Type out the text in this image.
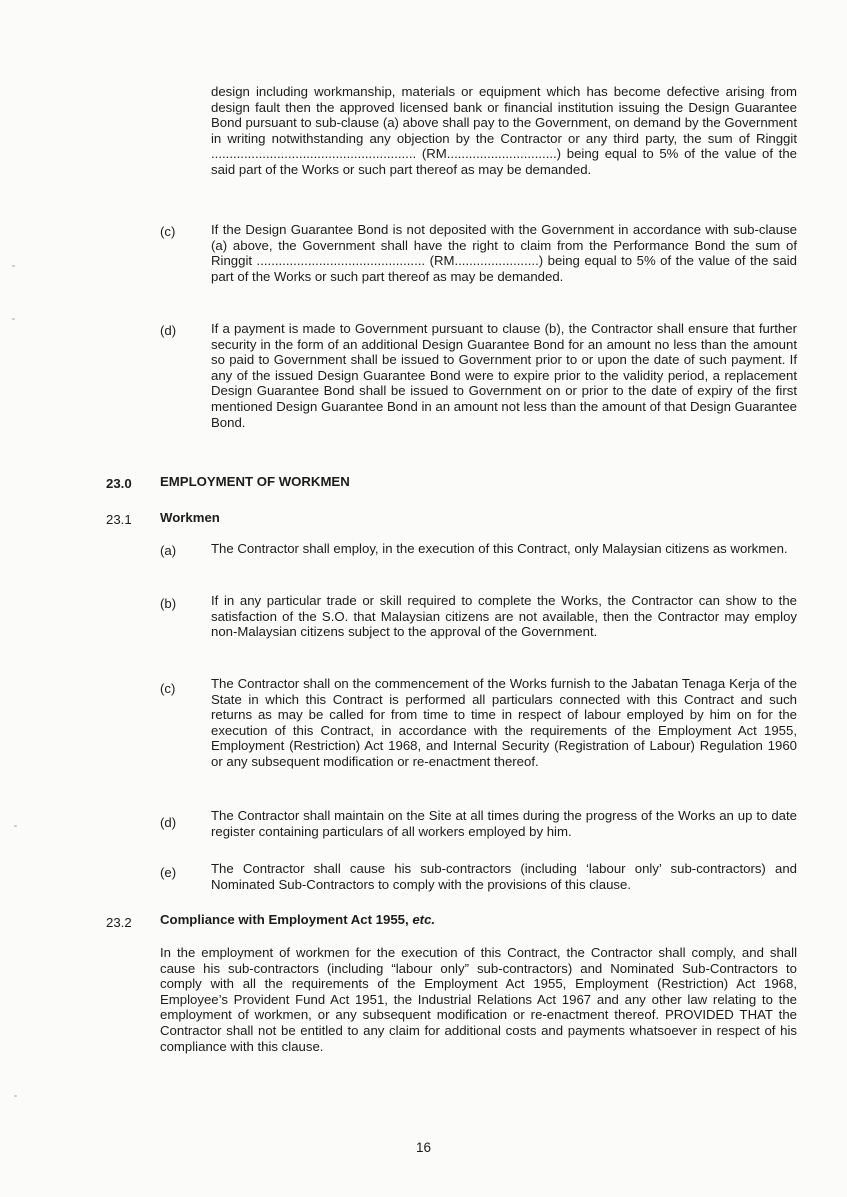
design including workmanship, materials or equipment which has become defective arising from design fault then the approved licensed bank or financial institution issuing the Design Guarantee Bond pursuant to sub-clause (a) above shall pay to the Government, on demand by the Government in writing notwithstanding any objection by the Contractor or any third party, the sum of Ringgit ........................................................ (RM..............................) being equal to 5% of the value of the said part of the Works or such part thereof as may be demanded.
(c)	If the Design Guarantee Bond is not deposited with the Government in accordance with sub-clause (a) above, the Government shall have the right to claim from the Performance Bond the sum of Ringgit .............................................. (RM.......................) being equal to 5% of the value of the said part of the Works or such part thereof as may be demanded.
(d)	If a payment is made to Government pursuant to clause (b), the Contractor shall ensure that further security in the form of an additional Design Guarantee Bond for an amount no less than the amount so paid to Government shall be issued to Government prior to or upon the date of such payment. If any of the issued Design Guarantee Bond were to expire prior to the validity period, a replacement Design Guarantee Bond shall be issued to Government on or prior to the date of expiry of the first mentioned Design Guarantee Bond in an amount not less than the amount of that Design Guarantee Bond.
23.0 EMPLOYMENT OF WORKMEN
23.1 Workmen
(a)	The Contractor shall employ, in the execution of this Contract, only Malaysian citizens as workmen.
(b)	If in any particular trade or skill required to complete the Works, the Contractor can show to the satisfaction of the S.O. that Malaysian citizens are not available, then the Contractor may employ non-Malaysian citizens subject to the approval of the Government.
(c)	The Contractor shall on the commencement of the Works furnish to the Jabatan Tenaga Kerja of the State in which this Contract is performed all particulars connected with this Contract and such returns as may be called for from time to time in respect of labour employed by him on for the execution of this Contract, in accordance with the requirements of the Employment Act 1955, Employment (Restriction) Act 1968, and Internal Security (Registration of Labour) Regulation 1960 or any subsequent modification or re-enactment thereof.
(d)	The Contractor shall maintain on the Site at all times during the progress of the Works an up to date register containing particulars of all workers employed by him.
(e)	The Contractor shall cause his sub-contractors (including ‘labour only’ sub-contractors) and Nominated Sub-Contractors to comply with the provisions of this clause.
23.2 Compliance with Employment Act 1955, etc.
In the employment of workmen for the execution of this Contract, the Contractor shall comply, and shall cause his sub-contractors (including “labour only” sub-contractors) and Nominated Sub-Contractors to comply with all the requirements of the Employment Act 1955, Employment (Restriction) Act 1968, Employee’s Provident Fund Act 1951, the Industrial Relations Act 1967 and any other law relating to the employment of workmen, or any subsequent modification or re-enactment thereof. PROVIDED THAT the Contractor shall not be entitled to any claim for additional costs and payments whatsoever in respect of his compliance with this clause.
16
